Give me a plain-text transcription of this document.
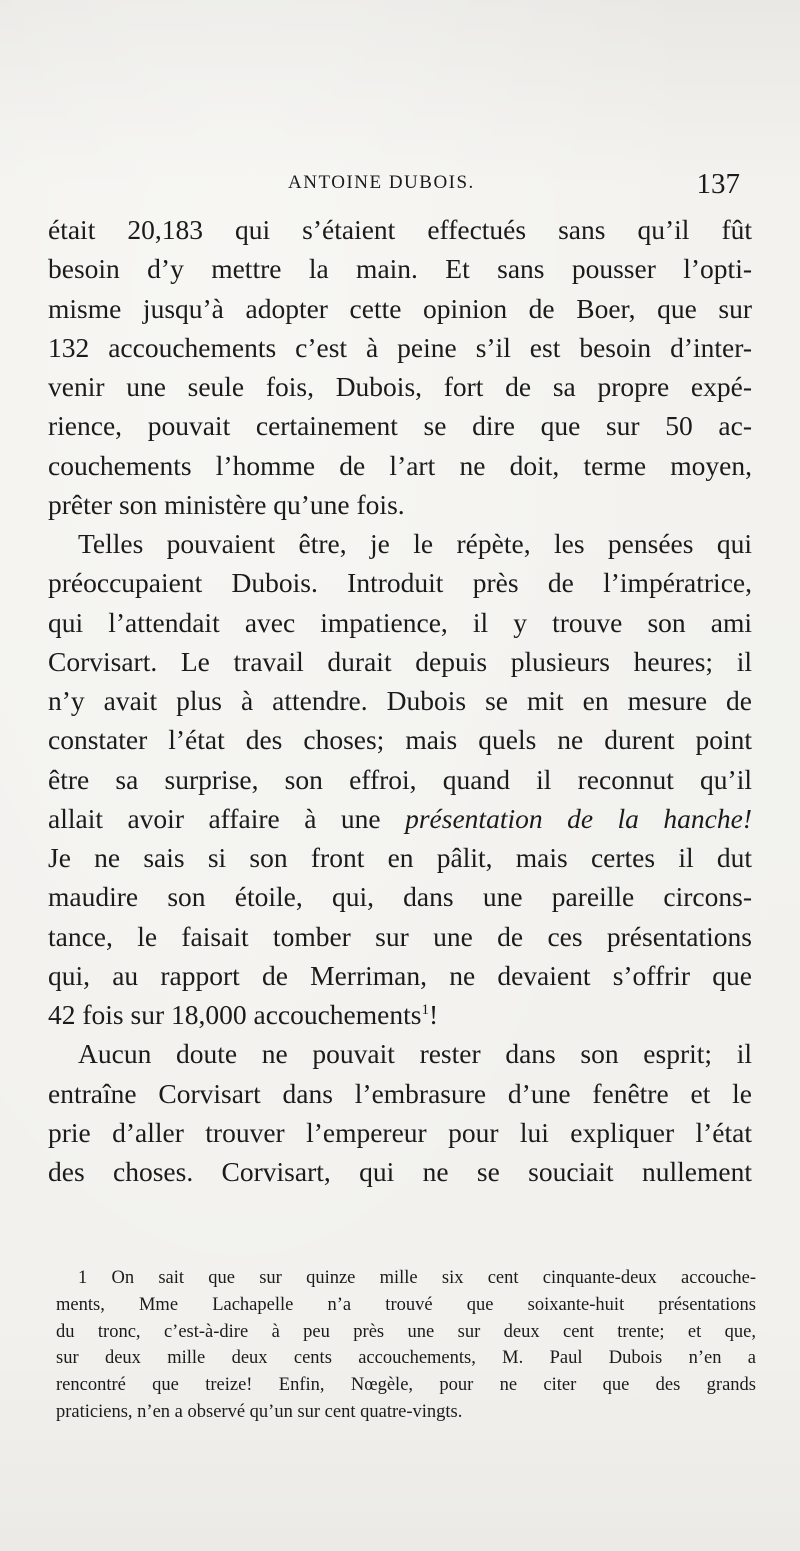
ANTOINE DUBOIS.	137
était 20,183 qui s’étaient effectués sans qu’il fût
besoin d’y mettre la main. Et sans pousser l’opti-
misme jusqu’à adopter cette opinion de Boer, que sur
132 accouchements c’est à peine s’il est besoin d’inter-
venir une seule fois, Dubois, fort de sa propre expé-
rience, pouvait certainement se dire que sur 50 ac-
couchements l’homme de l’art ne doit, terme moyen,
prêter son ministère qu’une fois.
Telles pouvaient être, je le répète, les pensées qui
préoccupaient Dubois. Introduit près de l’impératrice,
qui l’attendait avec impatience, il y trouve son ami
Corvisart. Le travail durait depuis plusieurs heures; il
n’y avait plus à attendre. Dubois se mit en mesure de
constater l’état des choses; mais quels ne durent point
être sa surprise, son effroi, quand il reconnut qu’il
allait avoir affaire à une présentation de la hanche!
Je ne sais si son front en pâlit, mais certes il dut
maudire son étoile, qui, dans une pareille circons-
tance, le faisait tomber sur une de ces présentations
qui, au rapport de Merriman, ne devaient s’offrir que
42 fois sur 18,000 accouchements$^1$!
Aucun doute ne pouvait rester dans son esprit; il
entraîne Corvisart dans l’embrasure d’une fenêtre et le
prie d’aller trouver l’empereur pour lui expliquer l’état
des choses. Corvisart, qui ne se souciait nullement
1 On sait que sur quinze mille six cent cinquante-deux accouche-
ments, Mme Lachapelle n’a trouvé que soixante-huit présentations
du tronc, c’est-à-dire à peu près une sur deux cent trente; et que,
sur deux mille deux cents accouchements, M. Paul Dubois n’en a
rencontré que treize! Enfin, Nœgèle, pour ne citer que des grands
praticiens, n’en a observé qu’un sur cent quatre-vingts.
